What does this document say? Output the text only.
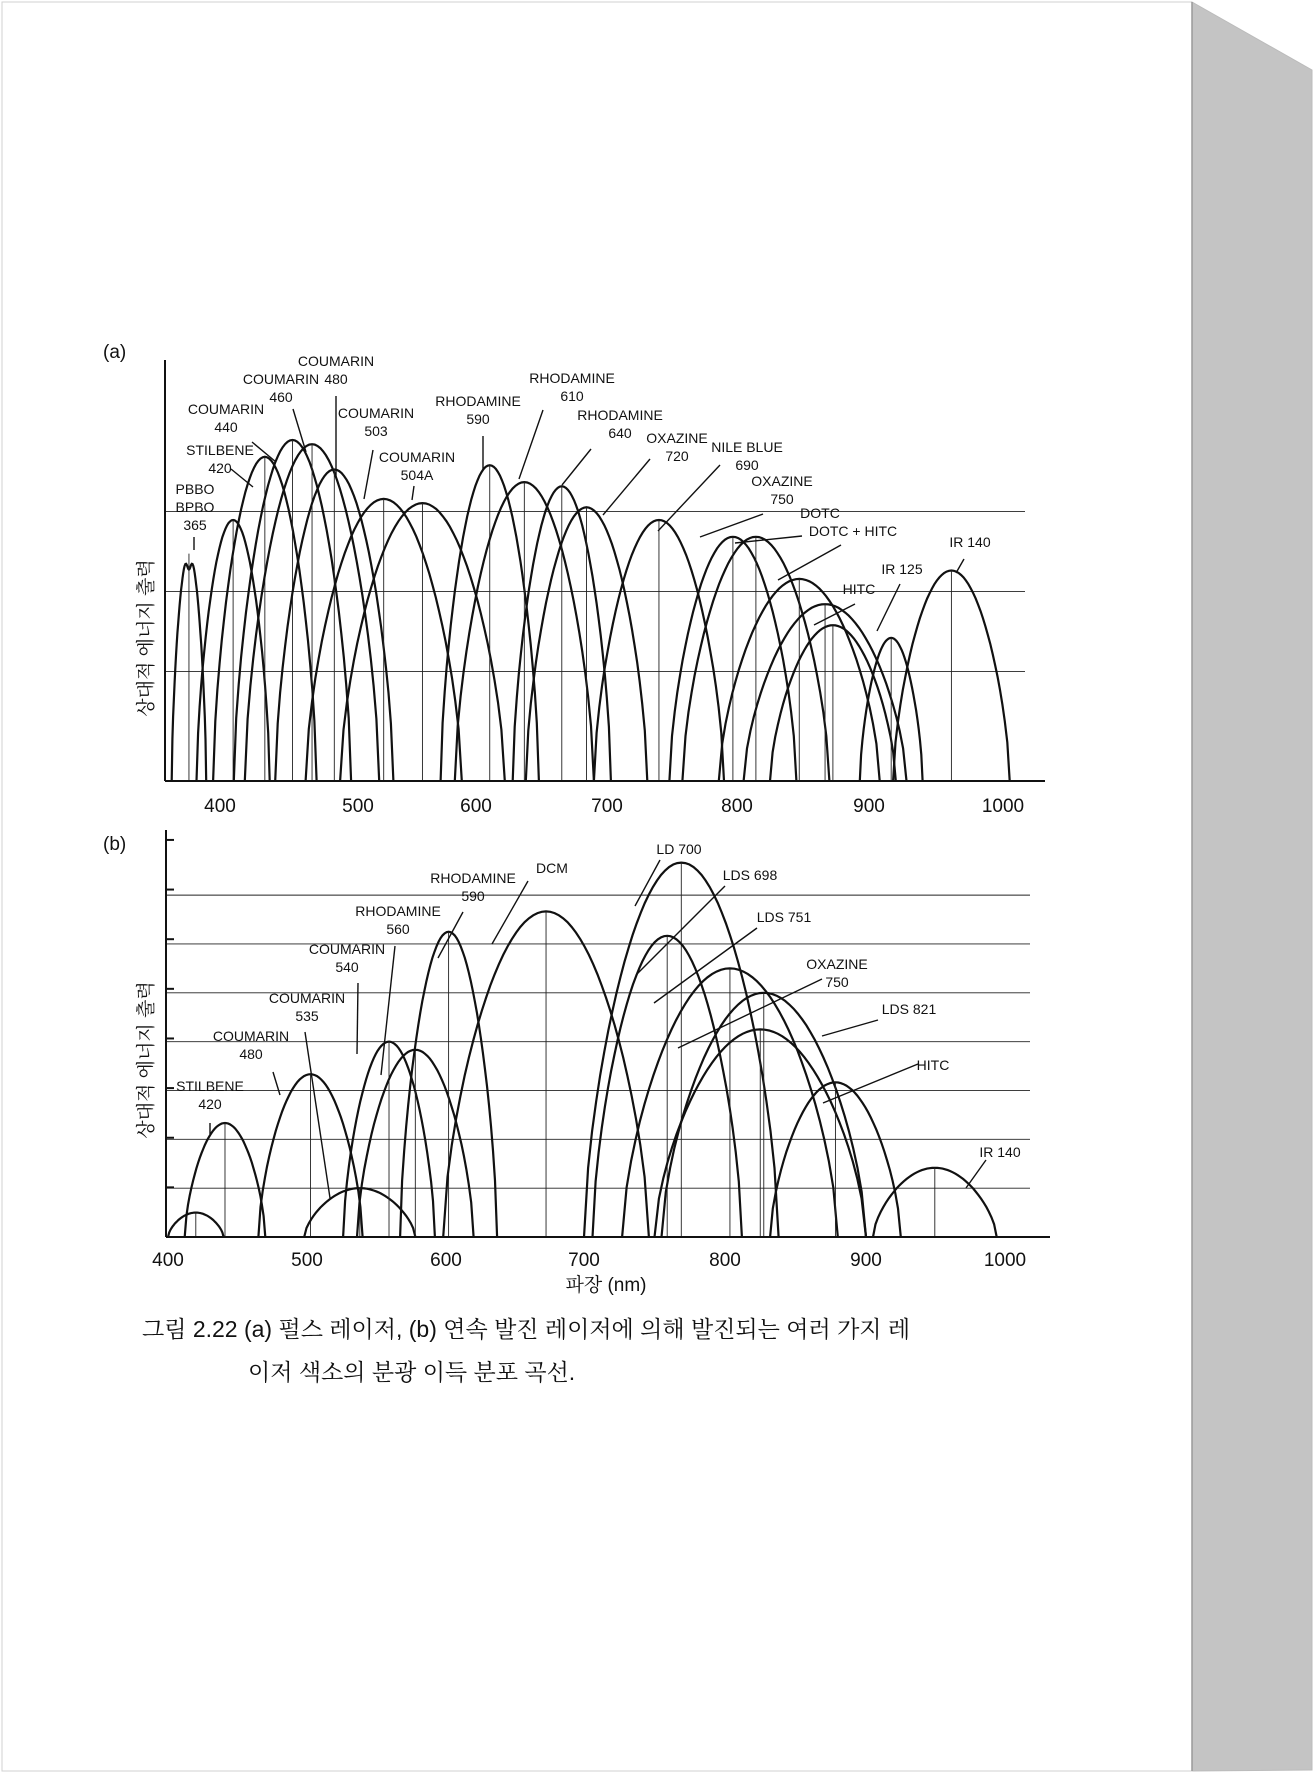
(a)
(b)
상대적 에너지 출력
상대적 에너지 출력
400	500	600	700	800	900	1000
400	500	600	700	800	900	1000
COUMARIN
480
COUMARIN
460
COUMARIN
440
STILBENE
420
PBBO
BPBO
365
COUMARIN
503
COUMARIN
504A
RHODAMINE
590
RHODAMINE
610
RHODAMINE
640 OXAZINE
720
NILE BLUE
690
OXAZINE
750
DOTC
DOTC + HITC
HITC
IR 125
IR 140
LD 700
RHODAMINE
590
DCM	LDS 698
LDS 751
OXAZINE
750
LDS 821
RHODAMINE
560
COUMARIN
540
COUMARIN
535
COUMARIN
480
STILBENE
420
HITC
IR 140
파장 (nm)
그림 2.22 (a) 펄스 레이저, (b) 연속 발진 레이저에 의해 발진되는 여러 가지 레
이저 색소의 분광 이득 분포 곡선.
